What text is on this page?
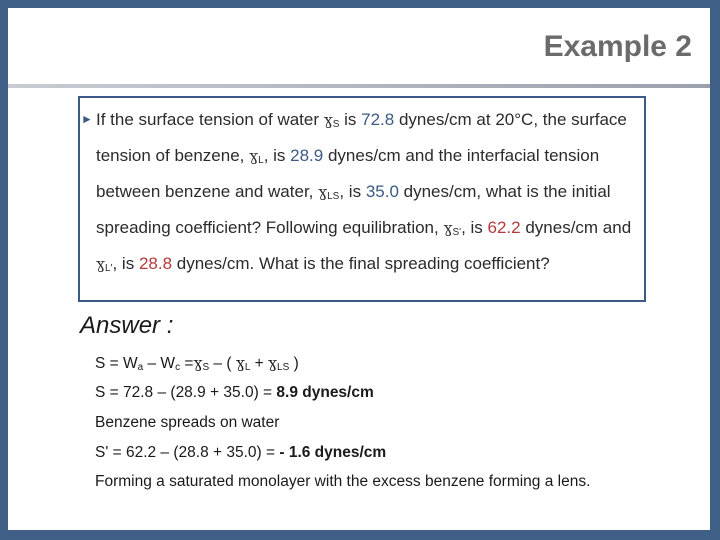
Example 2
► If the surface tension of water ɣ$_S$ is 72.8 dynes/cm at 20°C, the surface tension of benzene, ɣ$_L$, is 28.9 dynes/cm and the interfacial tension between benzene and water, ɣ$_{LS}$, is 35.0 dynes/cm, what is the initial spreading coefficient? Following equilibration, ɣ$_{S'}$, is 62.2 dynes/cm and ɣ$_{L'}$, is 28.8 dynes/cm. What is the final spreading coefficient?
Answer :
$S = W_a - W_c$ =ɣ$_S$ – ( ɣ$_L$ + ɣ$_{LS}$ )
S = 72.8 – (28.9 + 35.0) = 8.9 dynes/cm
Benzene spreads on water
S' = 62.2 – (28.8 + 35.0) = - 1.6 dynes/cm
Forming a saturated monolayer with the excess benzene forming a lens.
